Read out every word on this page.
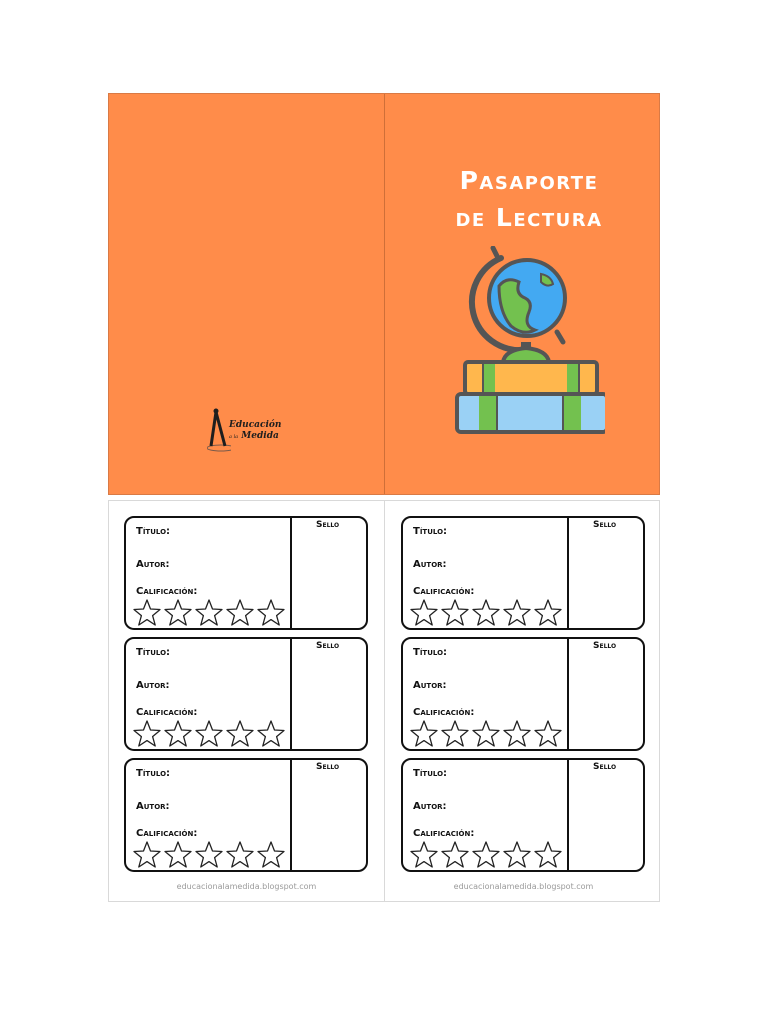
Educación
a la Medida
Pasaporte
de Lectura
Título:
Autor:
Calificación:
Sello
Título:
Autor:
Calificación:
Sello
Título:
Autor:
Calificación:
Sello
Título:
Autor:
Calificación:
Sello
Título:
Autor:
Calificación:
Sello
Título:
Autor:
Calificación:
Sello
educacionalamedida.blogspot.com	educacionalamedida.blogspot.com
